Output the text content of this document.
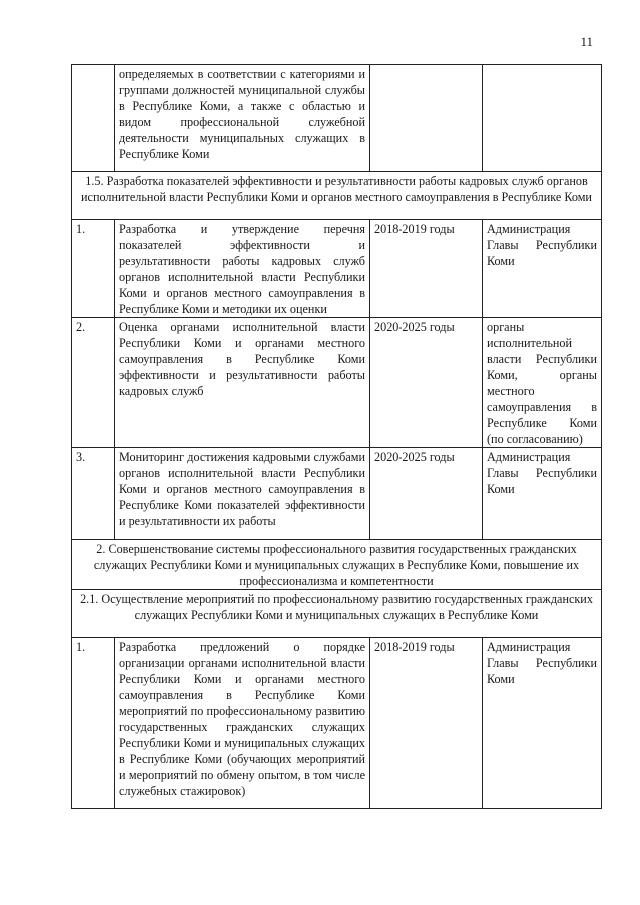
11
	определяемых в соответствии с категориями и группами должностей муниципальной службы в Республике Коми, а также с областью и видом профессиональной служебной деятельности муниципальных служащих в Республике Коми		
1.5. Разработка показателей эффективности и результативности работы кадровых служб органов исполнительной власти Республики Коми и органов местного самоуправления в Республике Коми			
1.	Разработка и утверждение перечня показателей эффективности и результативности работы кадровых служб органов исполнительной власти Республики Коми и органов местного самоуправления в Республике Коми и методики их оценки	2018-2019 годы	Администрация Главы Республики Коми
2.	Оценка органами исполнительной власти Республики Коми и органами местного самоуправления в Республике Коми эффективности и результативности работы кадровых служб	2020-2025 годы	органы исполнительной власти Республики Коми, органы местного самоуправления в Республике Коми (по согласованию)
3.	Мониторинг достижения кадровыми службами органов исполнительной власти Республики Коми и органов местного самоуправления в Республике Коми показателей эффективности и результативности их работы	2020-2025 годы	Администрация Главы Республики Коми
2. Совершенствование системы профессионального развития государственных гражданских служащих Республики Коми и муниципальных служащих в Республике Коми, повышение их профессионализма и компетентности			
2.1. Осуществление мероприятий по профессиональному развитию государственных гражданских служащих Республики Коми и муниципальных служащих в Республике Коми			
1.	Разработка предложений о порядке организации органами исполнительной власти Республики Коми и органами местного самоуправления в Республике Коми мероприятий по профессиональному развитию государственных гражданских служащих Республики Коми и муниципальных служащих в Республике Коми (обучающих мероприятий и мероприятий по обмену опытом, в том числе служебных стажировок)	2018-2019 годы	Администрация Главы Республики Коми
